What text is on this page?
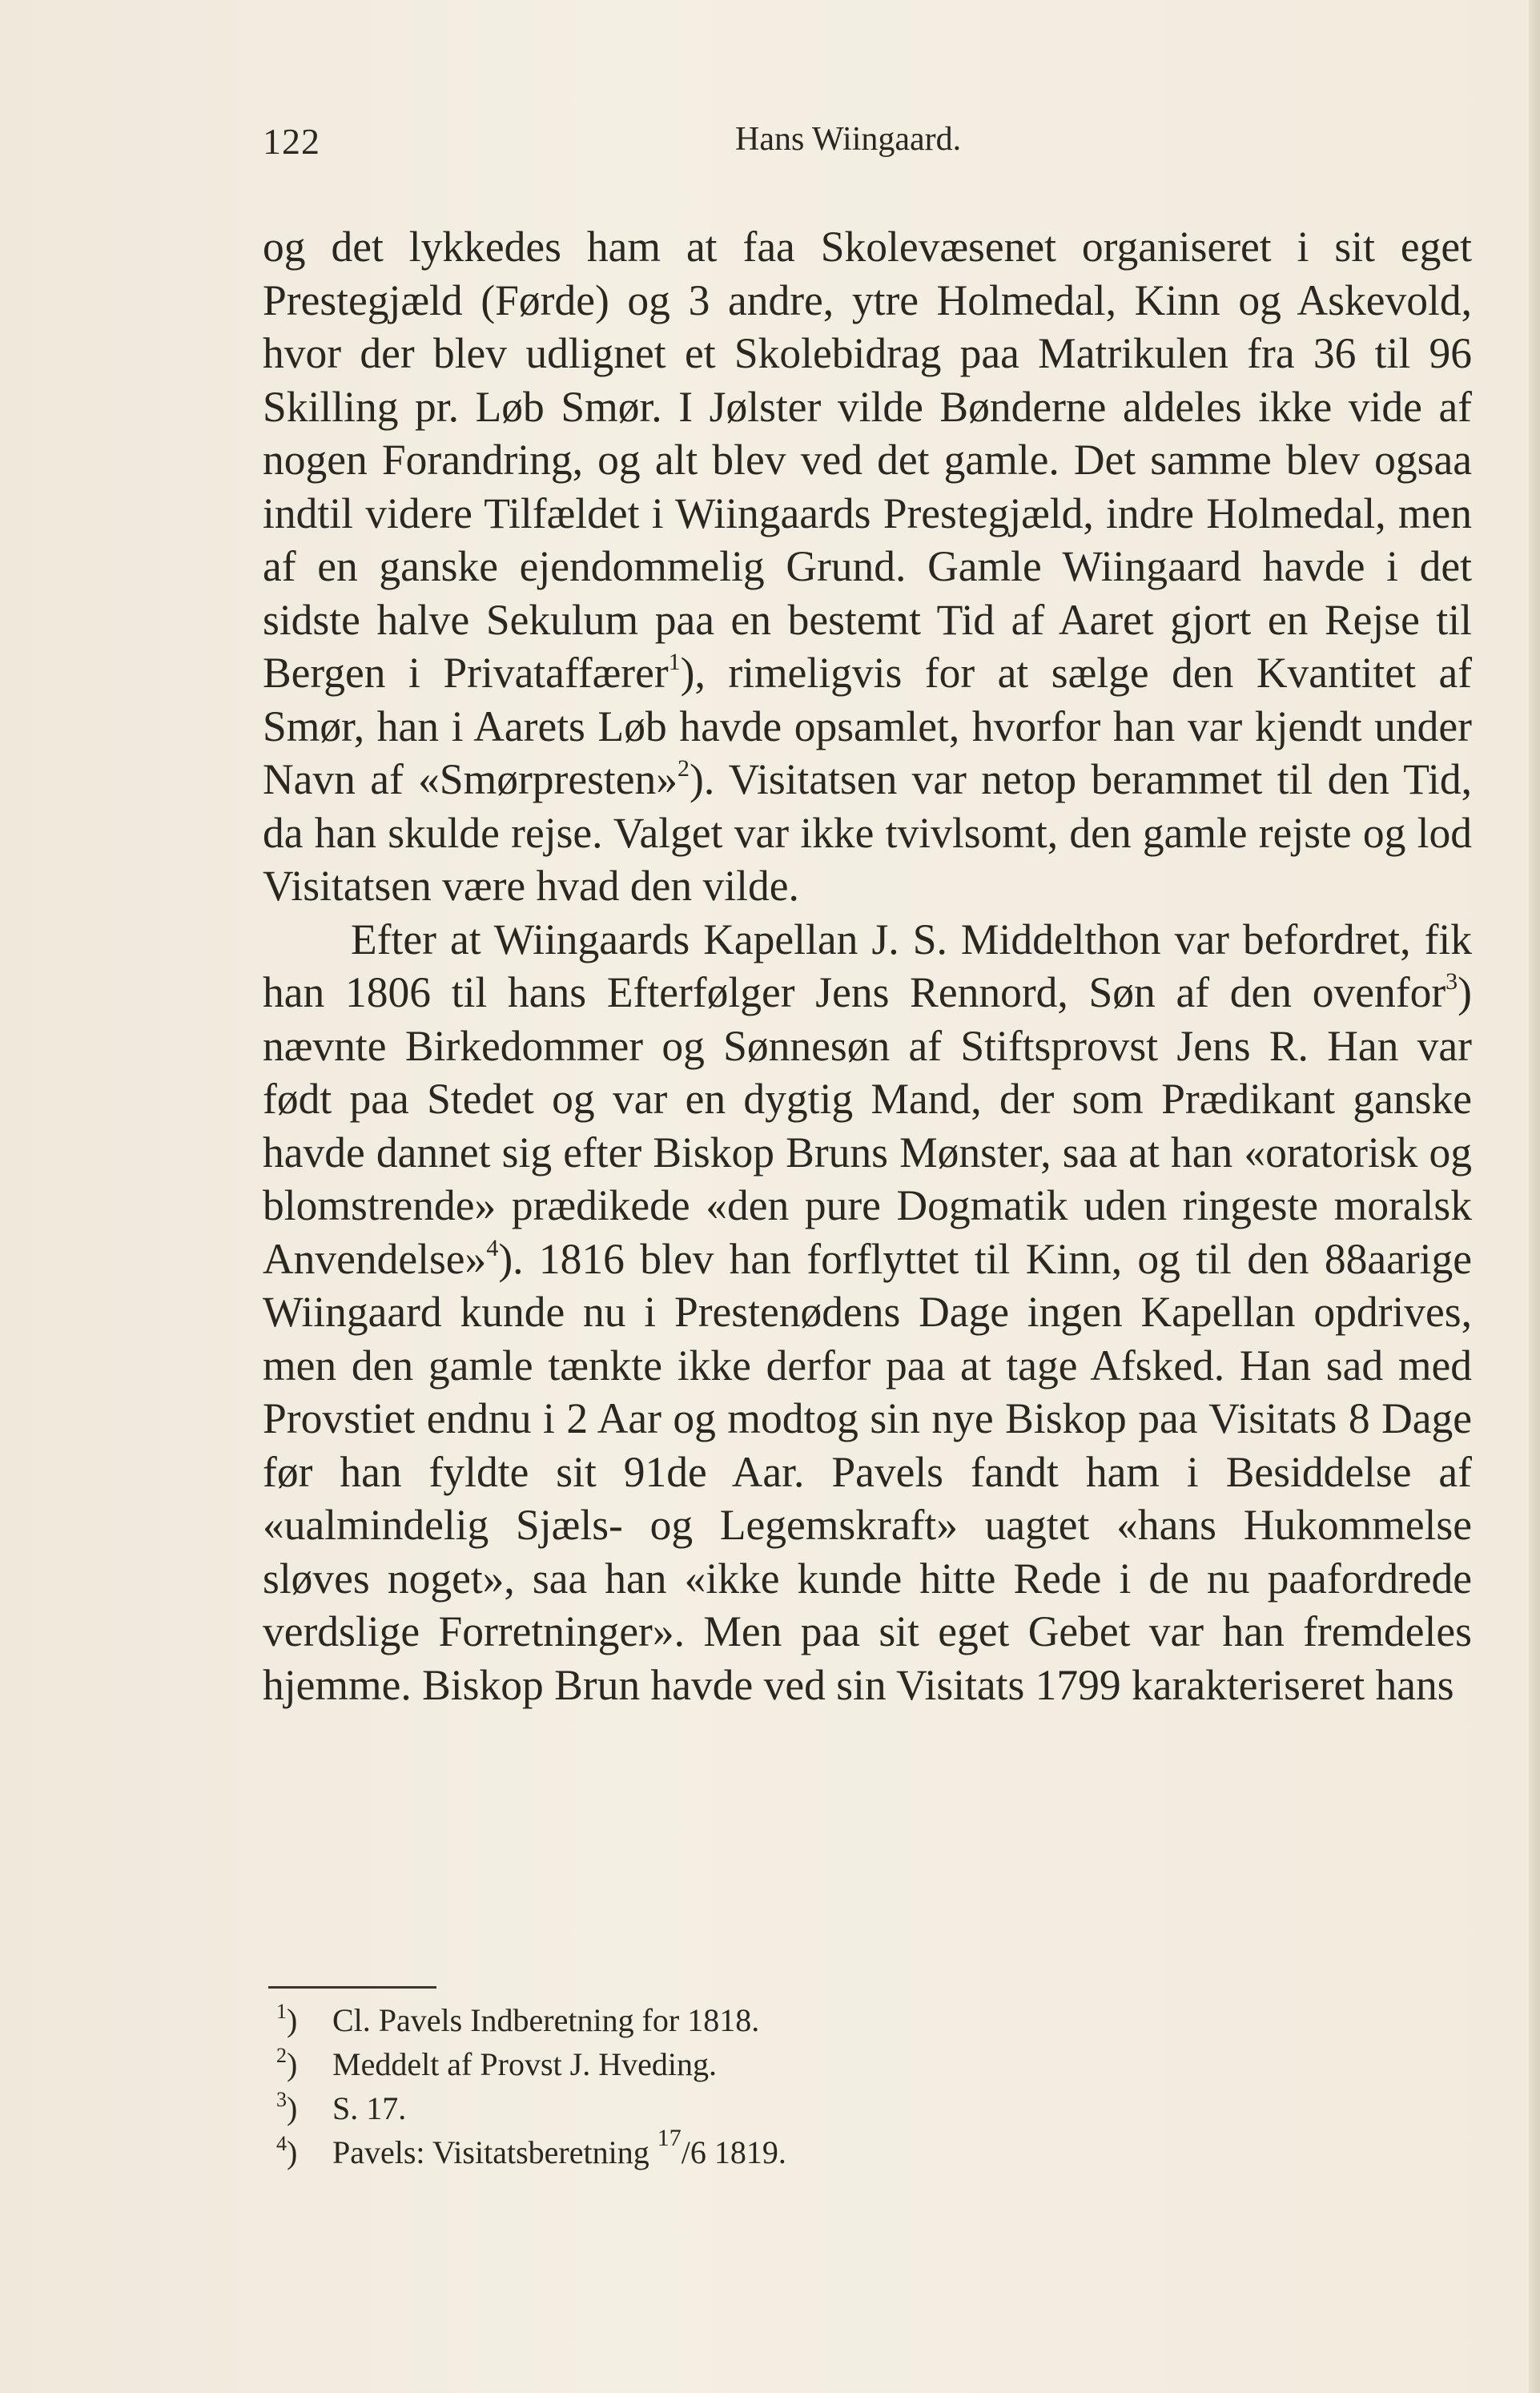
122	Hans Wiingaard.

og det lykkedes ham at faa Skolevæsenet organiseret i sit eget Prestegjæld (Førde) og 3 andre, ytre Holmedal, Kinn og Askevold, hvor der blev udlignet et Skolebidrag paa Matrikulen fra 36 til 96 Skilling pr. Løb Smør. I Jølster vilde Bønderne aldeles ikke vide af nogen Forandring, og alt blev ved det gamle. Det samme blev ogsaa indtil videre Tilfældet i Wiingaards Prestegjæld, indre Holmedal, men af en ganske ejendommelig Grund. Gamle Wiingaard havde i det sidste halve Sekulum paa en bestemt Tid af Aaret gjort en Rejse til Bergen i Privataffærer$^1$), rimeligvis for at sælge den Kvantitet af Smør, han i Aarets Løb havde opsamlet, hvorfor han var kjendt under Navn af «Smørpresten»$^2$). Visitatsen var netop berammet til den Tid, da han skulde rejse. Valget var ikke tvivlsomt, den gamle rejste og lod Visitatsen være hvad den vilde.

Efter at Wiingaards Kapellan J. S. Middelthon var befordret, fik han 1806 til hans Efterfølger Jens Rennord, Søn af den ovenfor$^3$) nævnte Birkedommer og Sønnesøn af Stiftsprovst Jens R. Han var født paa Stedet og var en dygtig Mand, der som Prædikant ganske havde dannet sig efter Biskop Bruns Mønster, saa at han «oratorisk og blomstrende» prædikede «den pure Dogmatik uden ringeste moralsk Anvendelse»$^4$). 1816 blev han forflyttet til Kinn, og til den 88aarige Wiingaard kunde nu i Prestenødens Dage ingen Kapellan opdrives, men den gamle tænkte ikke derfor paa at tage Afsked. Han sad med Provstiet endnu i 2 Aar og modtog sin nye Biskop paa Visitats 8 Dage før han fyldte sit 91de Aar. Pavels fandt ham i Besiddelse af «ualmindelig Sjæls- og Legemskraft» uagtet «hans Hukommelse sløves noget», saa han «ikke kunde hitte Rede i de nu paafordrede verdslige Forretninger». Men paa sit eget Gebet var han fremdeles hjemme. Biskop Brun havde ved sin Visitats 1799 karakteriseret hans

$^1$)	Cl. Pavels Indberetning for 1818.
$^2$)	Meddelt af Provst J. Hveding.
$^3$)	S. 17.
$^4$)	Pavels: Visitatsberetning $^{17}$/6 1819.
